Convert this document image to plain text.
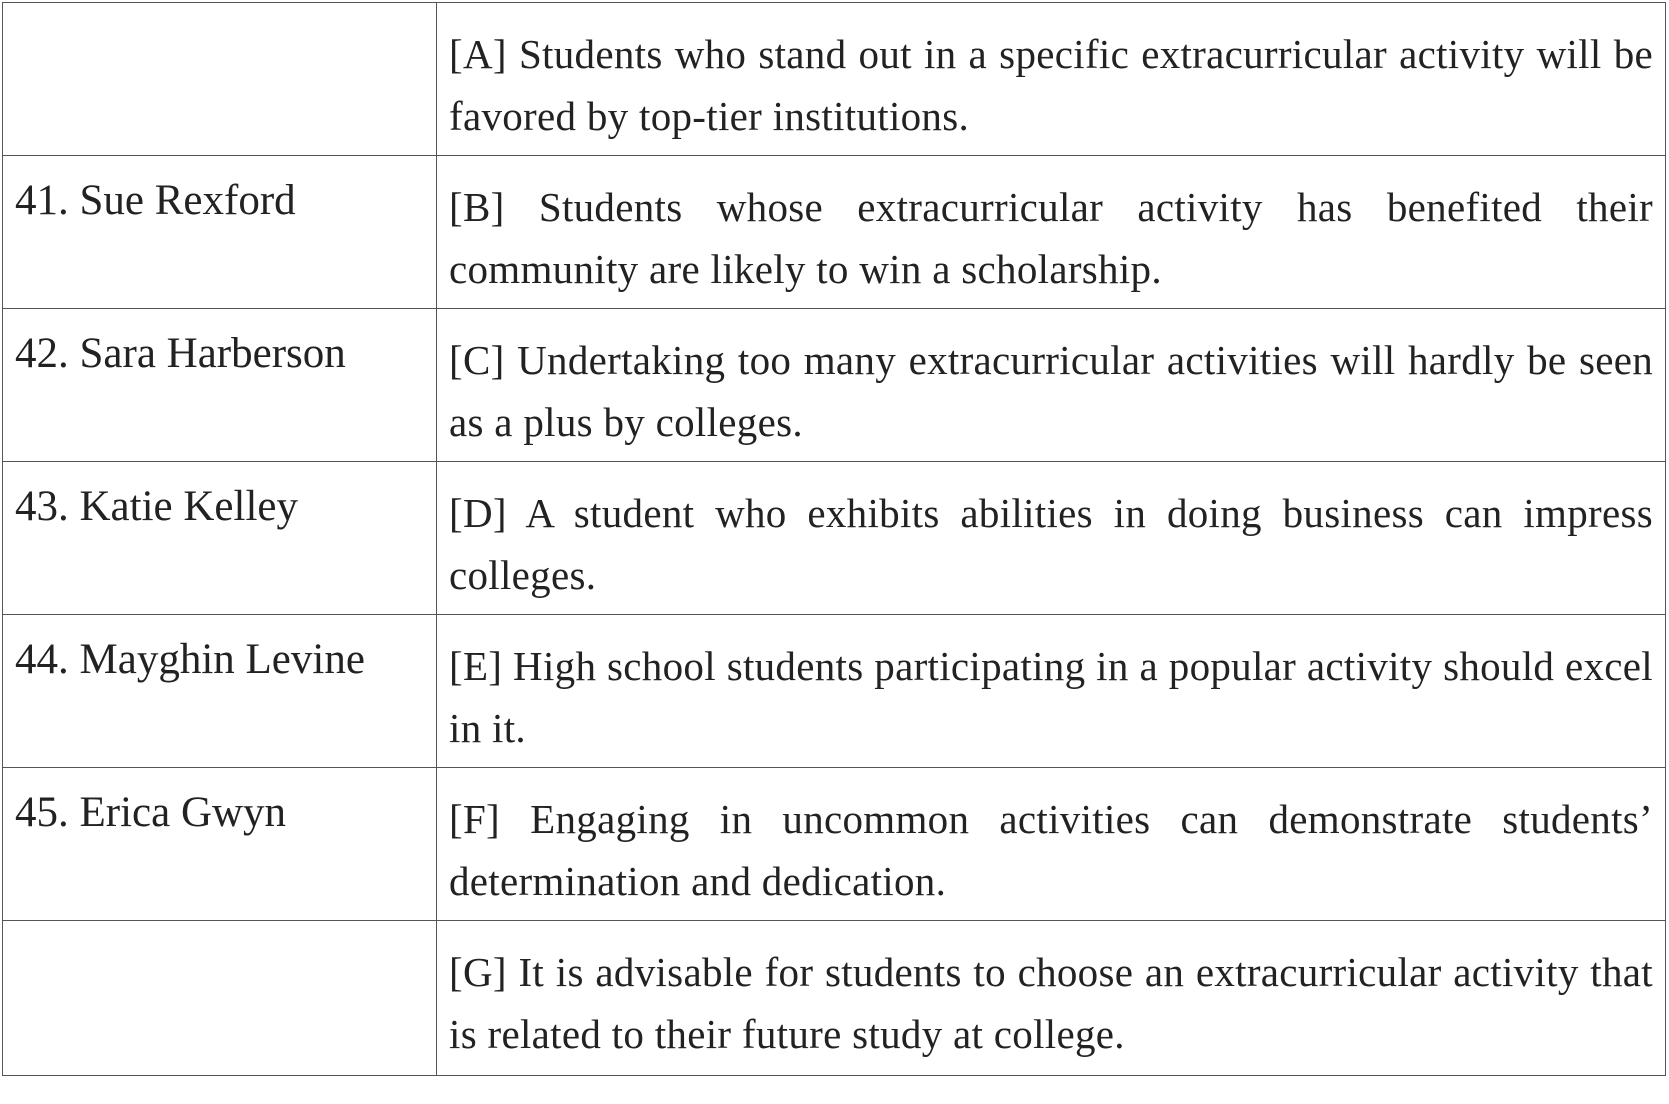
	[A] Students who stand out in a specific extracurricular activity will be favored by top-tier institutions.

41. Sue Rexford	[B] Students whose extracurricular activity has benefited their community are likely to win a scholarship.

42. Sara Harberson	[C] Undertaking too many extracurricular activities will hardly be seen as a plus by colleges.

43. Katie Kelley	[D] A student who exhibits abilities in doing business can impress colleges.

44. Mayghin Levine	[E] High school students participating in a popular activity should excel in it.

45. Erica Gwyn	[F] Engaging in uncommon activities can demonstrate students’ determination and dedication.

	[G] It is advisable for students to choose an extracurricular activity that is related to their future study at college.
